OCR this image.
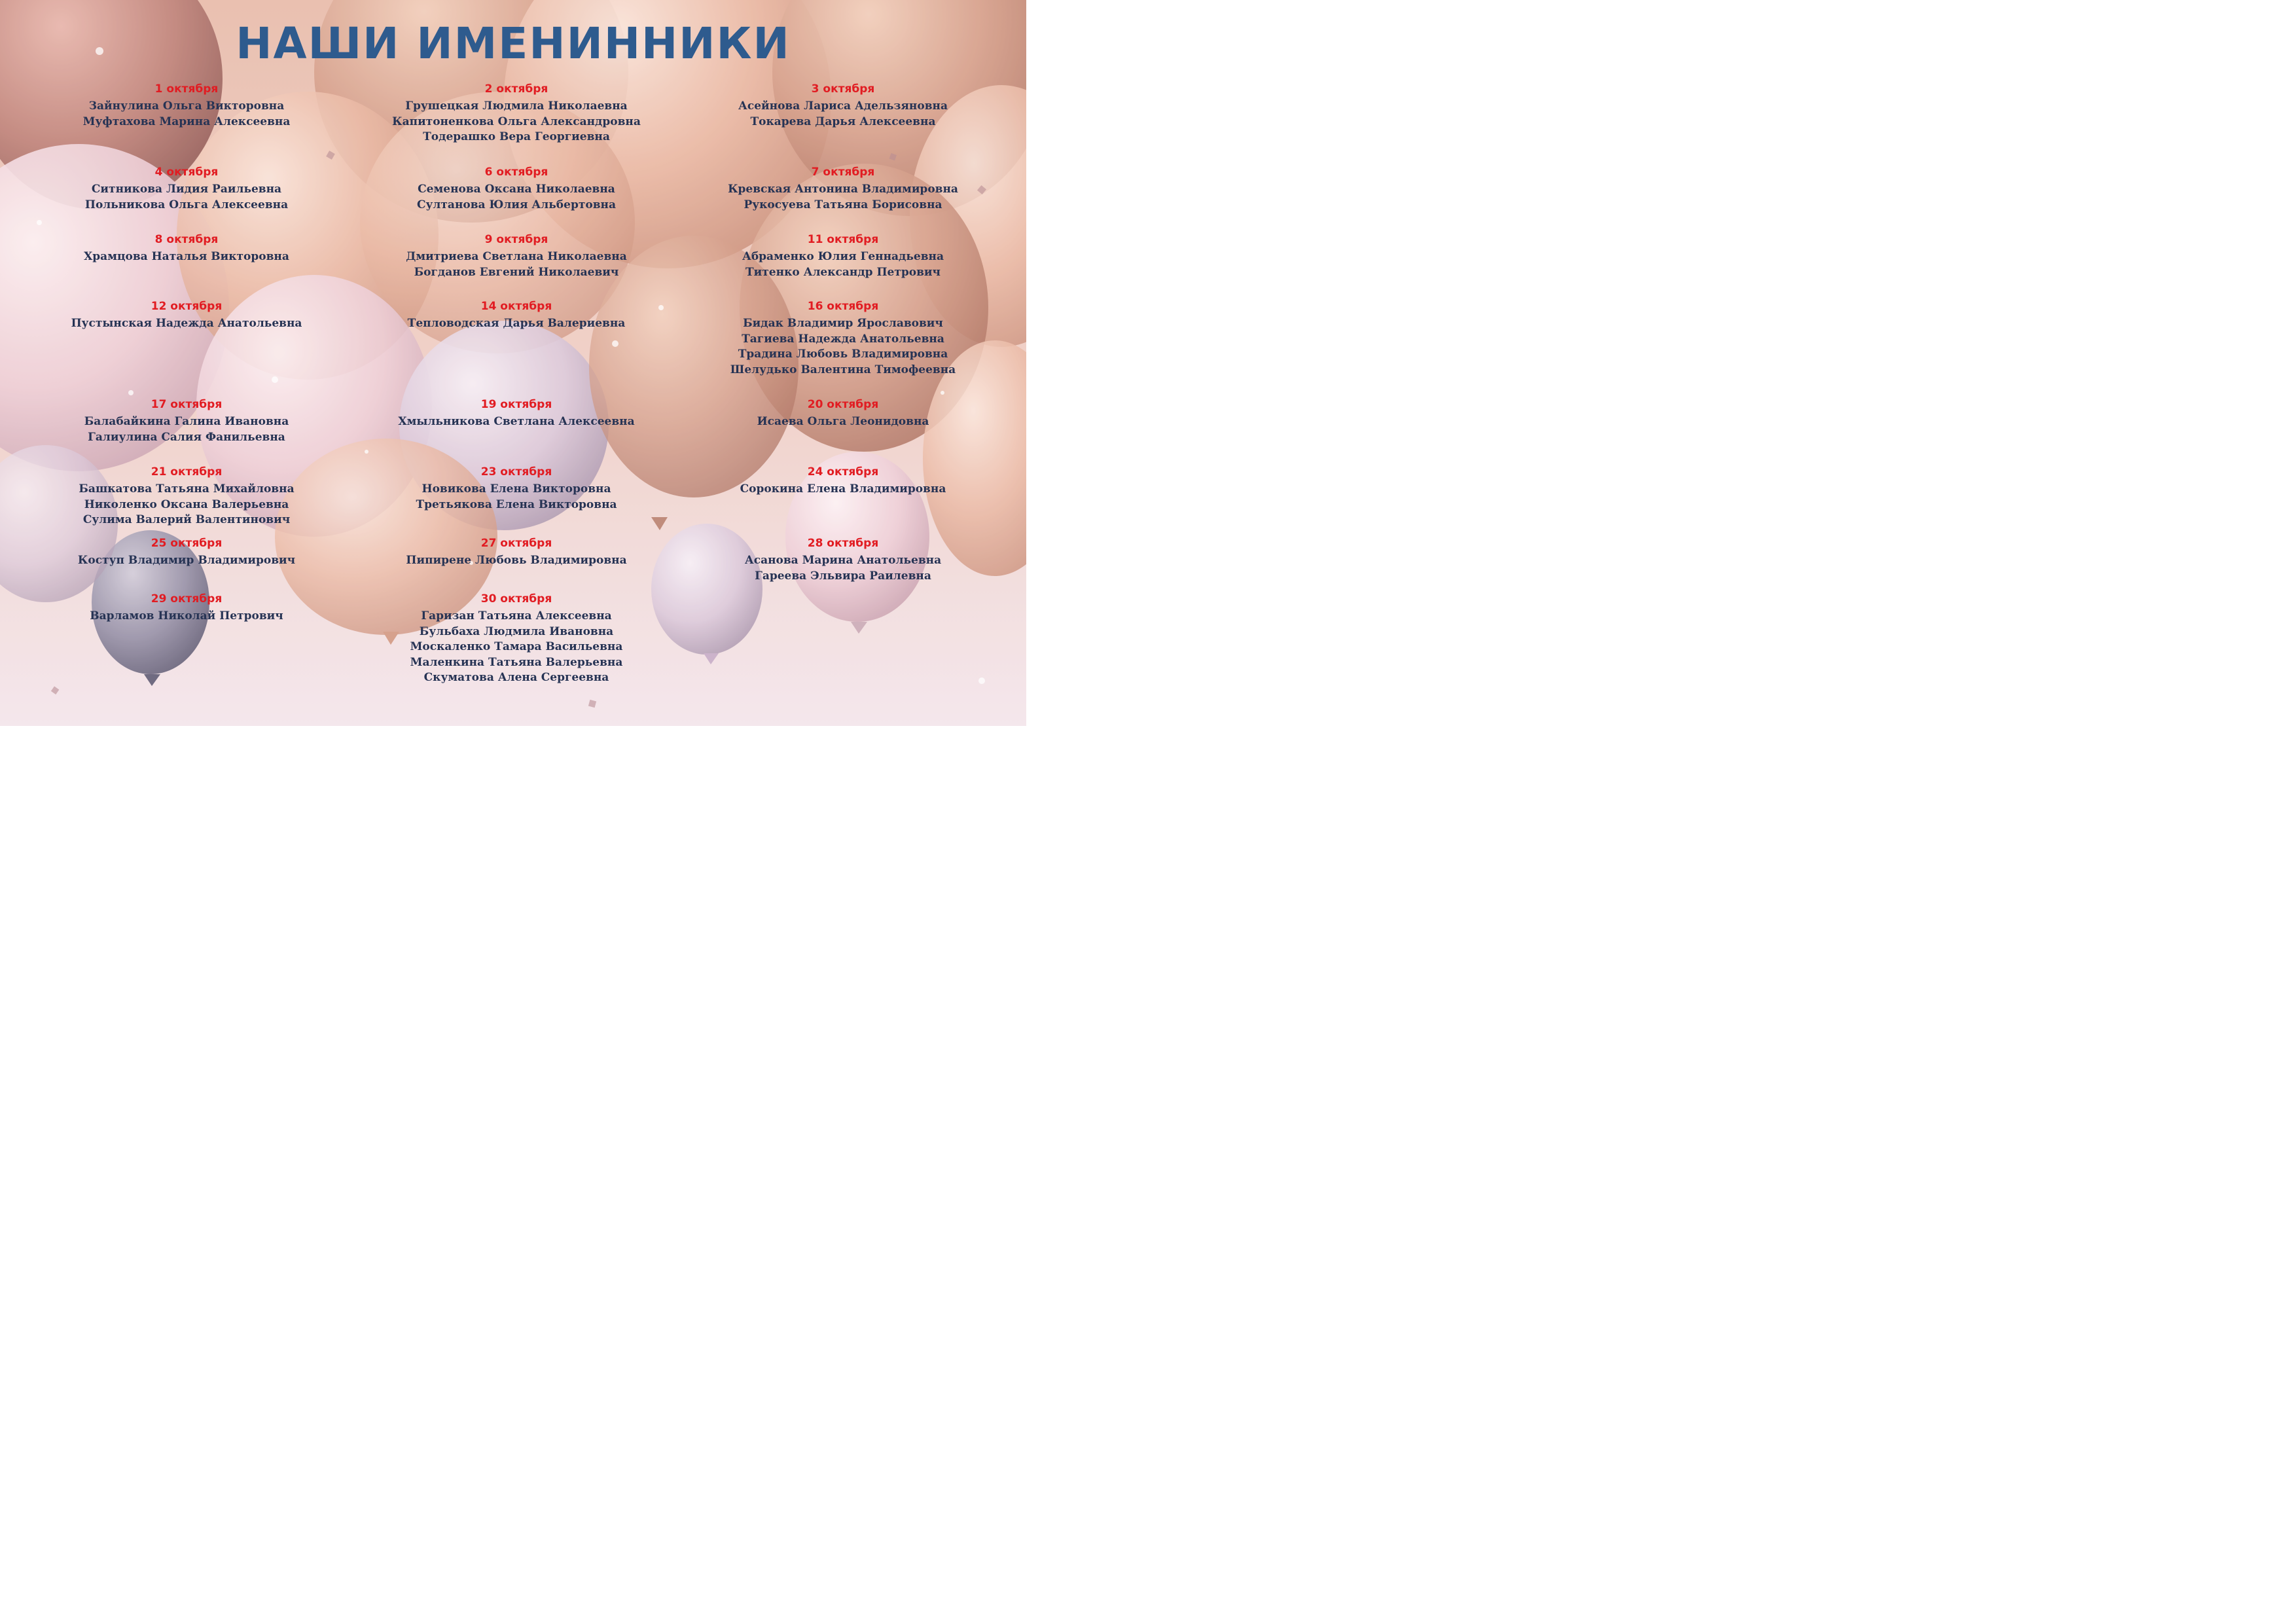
НАШИ ИМЕНИННИКИ
1 октября
Зайнулина Ольга Викторовна
Муфтахова Марина Алексеевна
2 октября
Грушецкая Людмила Николаевна
Капитоненкова Ольга Александровна
Тодерашко Вера Георгиевна
3 октября
Асейнова Лариса Адельзяновна
Токарева Дарья Алексеевна
4 октября
Ситникова Лидия Раильевна
Польникова Ольга Алексеевна
6 октября
Семенова Оксана Николаевна
Султанова Юлия Альбертовна
7 октября
Кревская Антонина Владимировна
Рукосуева Татьяна Борисовна
8 октября
Храмцова Наталья Викторовна
9 октября
Дмитриева Светлана Николаевна
Богданов Евгений Николаевич
11 октября
Абраменко Юлия Геннадьевна
Титенко Александр Петрович
12 октября
Пустынская Надежда Анатольевна
14 октября
Тепловодская Дарья Валериевна
16 октября
Бидак Владимир Ярославович
Тагиева Надежда Анатольевна
Традина Любовь Владимировна
Шелудько Валентина Тимофеевна
17 октября
Балабайкина Галина Ивановна
Галиулина Салия Фанильевна
19 октября
Хмыльникова Светлана Алексеевна
20 октября
Исаева Ольга Леонидовна
21 октября
Башкатова Татьяна Михайловна
Николенко Оксана Валерьевна
Сулима Валерий Валентинович
23 октября
Новикова Елена Викторовна
Третьякова Елена Викторовна
24 октября
Сорокина Елена Владимировна
25 октября
Коступ Владимир Владимирович
27 октября
Пипирене Любовь Владимировна
28 октября
Асанова Марина Анатольевна
Гареева Эльвира Раилевна
29 октября
Варламов Николай Петрович
30 октября
Гаризан Татьяна Алексеевна
Бульбаха Людмила Ивановна
Москаленко Тамара Васильевна
Маленкина Татьяна Валерьевна
Скуматова Алена Сергеевна
